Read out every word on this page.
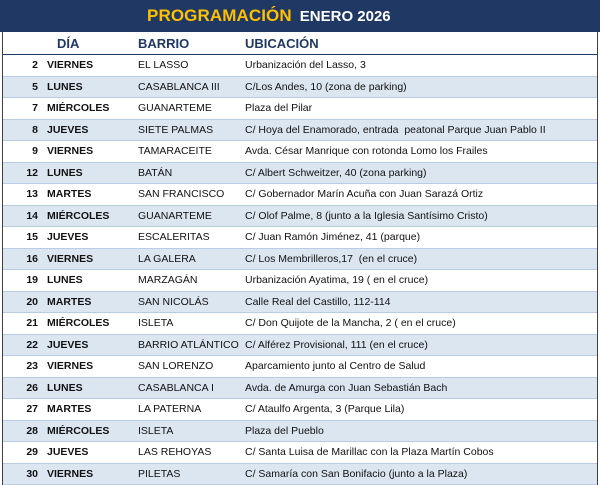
PROGRAMACIÓN ENERO 2026
DÍA	BARRIO	UBICACIÓN
2 VIERNES	EL LASSO	Urbanización del Lasso, 3
5 LUNES	CASABLANCA III	C/Los Andes, 10 (zona de parking)
7 MIÉRCOLES	GUANARTEME	Plaza del Pilar
8 JUEVES	SIETE PALMAS	C/ Hoya del Enamorado, entrada  peatonal Parque Juan Pablo II
9 VIERNES	TAMARACEITE	Avda. César Manrique con rotonda Lomo los Frailes
12 LUNES	BATÁN	C/ Albert Schweitzer, 40 (zona parking)
13 MARTES	SAN FRANCISCO	C/ Gobernador Marín Acuña con Juan Sarazá Ortiz
14 MIÉRCOLES	GUANARTEME	C/ Olof Palme, 8 (junto a la Iglesia Santísimo Cristo)
15 JUEVES	ESCALERITAS	C/ Juan Ramón Jiménez, 41 (parque)
16 VIERNES	LA GALERA	C/ Los Membrilleros,17  (en el cruce)
19 LUNES	MARZAGÁN	Urbanización Ayatima, 19 ( en el cruce)
20 MARTES	SAN NICOLÁS	Calle Real del Castillo, 112-114
21 MIÉRCOLES	ISLETA	C/ Don Quijote de la Mancha, 2 ( en el cruce)
22 JUEVES	BARRIO ATLÁNTICO C/ Alférez Provisional, 111 (en el cruce)
23 VIERNES	SAN LORENZO	Aparcamiento junto al Centro de Salud
26 LUNES	CASABLANCA I	Avda. de Amurga con Juan Sebastián Bach
27 MARTES	LA PATERNA	C/ Ataulfo Argenta, 3 (Parque Lila)
28 MIÉRCOLES	ISLETA	Plaza del Pueblo
29 JUEVES	LAS REHOYAS	C/ Santa Luisa de Marillac con la Plaza Martín Cobos
30 VIERNES	PILETAS	C/ Samaría con San Bonifacio (junto a la Plaza)
